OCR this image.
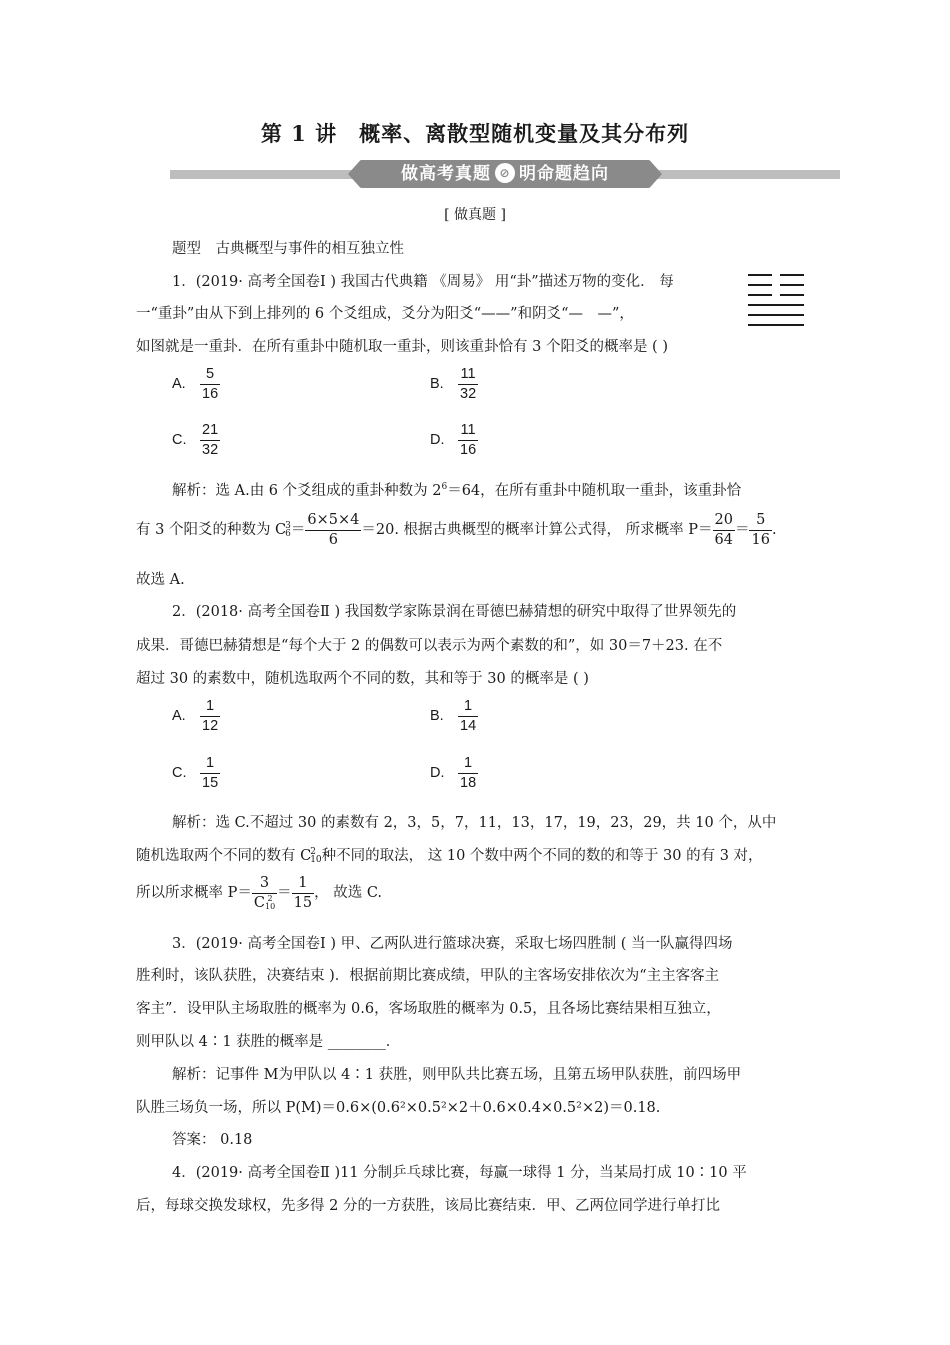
第 1 讲　概率、离散型随机变量及其分布列
做高考真题 ⊘ 明命题趋向
[ 做真题 ]
题型　古典概型与事件的相互独立性
1．(2019· 高考全国卷Ⅰ ) 我国古代典籍 《周易》 用“卦”描述万物的变化． 每
一“重卦”由从下到上排列的 6 个爻组成，爻分为阳爻“——”和阴爻“—　—”，
如图就是一重卦．在所有重卦中随机取一重卦，则该重卦恰有 3 个阳爻的概率是 ( )
A. $\frac{5}{16}$	B. $\frac{11}{32}$
C. $\frac{21}{32}$	D. $\frac{11}{16}$
解析：选 A.由 6 个爻组成的重卦种数为 $2^6=64$，在所有重卦中随机取一重卦，该重卦恰
有 3 个阳爻的种数为 C 3
$6 = \frac{6\times 5\times 4}{6} =20$. 根据古典概型的概率计算公式得， 所求概率 $P= \frac{20}{64} = \frac{5}{16}$ .
故选 A.
2．(2018· 高考全国卷Ⅱ ) 我国数学家陈景润在哥德巴赫猜想的研究中取得了世界领先的
成果．哥德巴赫猜想是“每个大于 2 的偶数可以表示为两个素数的和”，如 30＝7＋23. 在不
超过 30 的素数中，随机选取两个不同的数，其和等于 30 的概率是 ( )
A. $\frac{1}{12}$	B. $\frac{1}{14}$
C. $\frac{1}{15}$	D. $\frac{1}{18}$
解析：选 C.不超过 30 的素数有 2，3，5，7，11，13，17，19，23，29，共 10 个，从中
随机选取两个不同的数有 C 2
10 种不同的取法， 这 10 个数中两个不同的数的和等于 30 的有 3 对，
所以所求概率 P＝ 3
C 2
$10 = \frac{1}{15}$ ， 故选 C.
3．(2019· 高考全国卷Ⅰ ) 甲、乙两队进行篮球决赛，采取七场四胜制 ( 当一队赢得四场
胜利时，该队获胜，决赛结束 )．根据前期比赛成绩，甲队的主客场安排依次为“主主客客主
客主”．设甲队主场取胜的概率为 0.6，客场取胜的概率为 0.5，且各场比赛结果相互独立，
则甲队以 4∶1 获胜的概率是 ________．
解析：记事件 M为甲队以 4∶1 获胜，则甲队共比赛五场，且第五场甲队获胜，前四场甲
队胜三场负一场，所以 P(M)＝0.6×(0.6²×0.5²×2＋0.6×0.4×0.5²×2)＝0.18.
答案： 0.18
4．(2019· 高考全国卷Ⅱ )11 分制乒乓球比赛，每赢一球得 1 分，当某局打成 10∶10 平
后，每球交换发球权，先多得 2 分的一方获胜，该局比赛结束．甲、乙两位同学进行单打比
